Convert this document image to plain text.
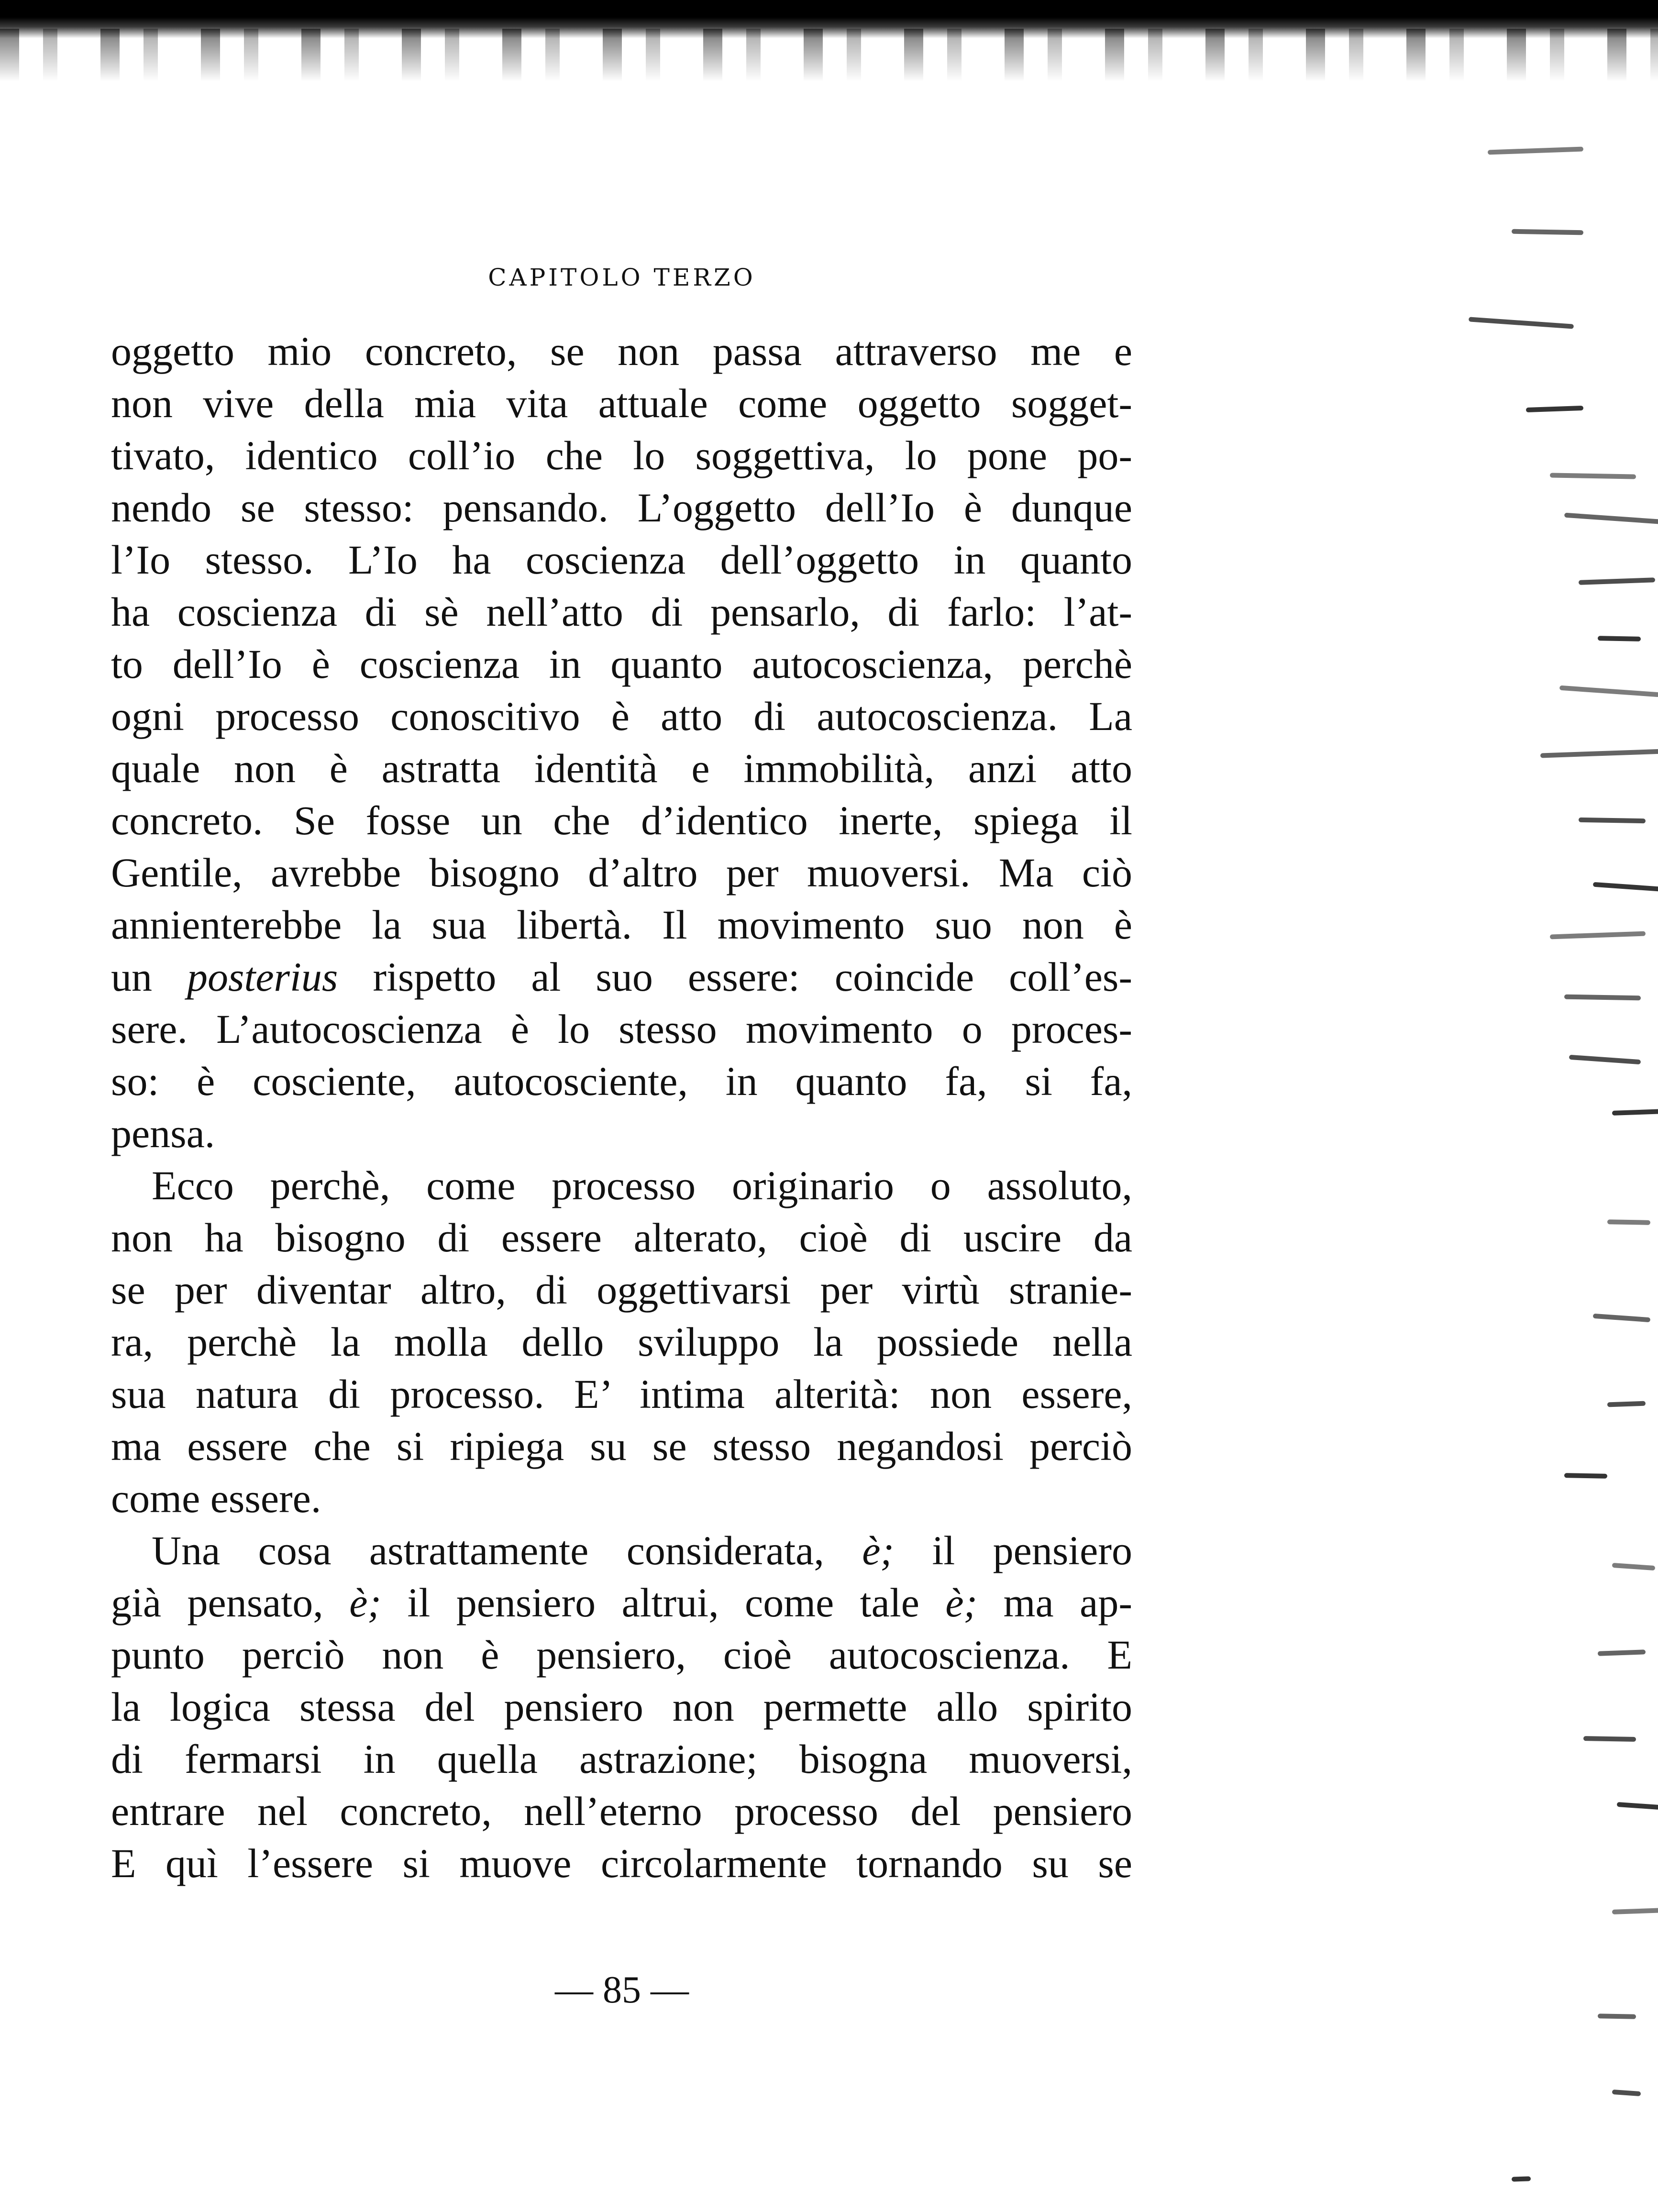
CAPITOLO TERZO
oggetto mio concreto, se non passa attraverso me e
non vive della mia vita attuale come oggetto sogget-
tivato, identico coll’io che lo soggettiva, lo pone po-
nendo se stesso: pensando. L’oggetto dell’Io è dunque
l’Io stesso. L’Io ha coscienza dell’oggetto in quanto
ha coscienza di sè nell’atto di pensarlo, di farlo: l’at-
to dell’Io è coscienza in quanto autocoscienza, perchè
ogni processo conoscitivo è atto di autocoscienza. La
quale non è astratta identità e immobilità, anzi atto
concreto. Se fosse un che d’identico inerte, spiega il
Gentile, avrebbe bisogno d’altro per muoversi. Ma ciò
annienterebbe la sua libertà. Il movimento suo non è
un posterius rispetto al suo essere: coincide coll’es-
sere. L’autocoscienza è lo stesso movimento o proces-
so: è cosciente, autocosciente, in quanto fa, si fa,
pensa.
Ecco perchè, come processo originario o assoluto,
non ha bisogno di essere alterato, cioè di uscire da
se per diventar altro, di oggettivarsi per virtù stranie-
ra, perchè la molla dello sviluppo la possiede nella
sua natura di processo. E’ intima alterità: non essere,
ma essere che si ripiega su se stesso negandosi perciò
come essere.
Una cosa astrattamente considerata, è; il pensiero
già pensato, è; il pensiero altrui, come tale è; ma ap-
punto perciò non è pensiero, cioè autocoscienza. E
la logica stessa del pensiero non permette allo spirito
di fermarsi in quella astrazione; bisogna muoversi,
entrare nel concreto, nell’eterno processo del pensiero
E quì l’essere si muove circolarmente tornando su se
— 85 —
